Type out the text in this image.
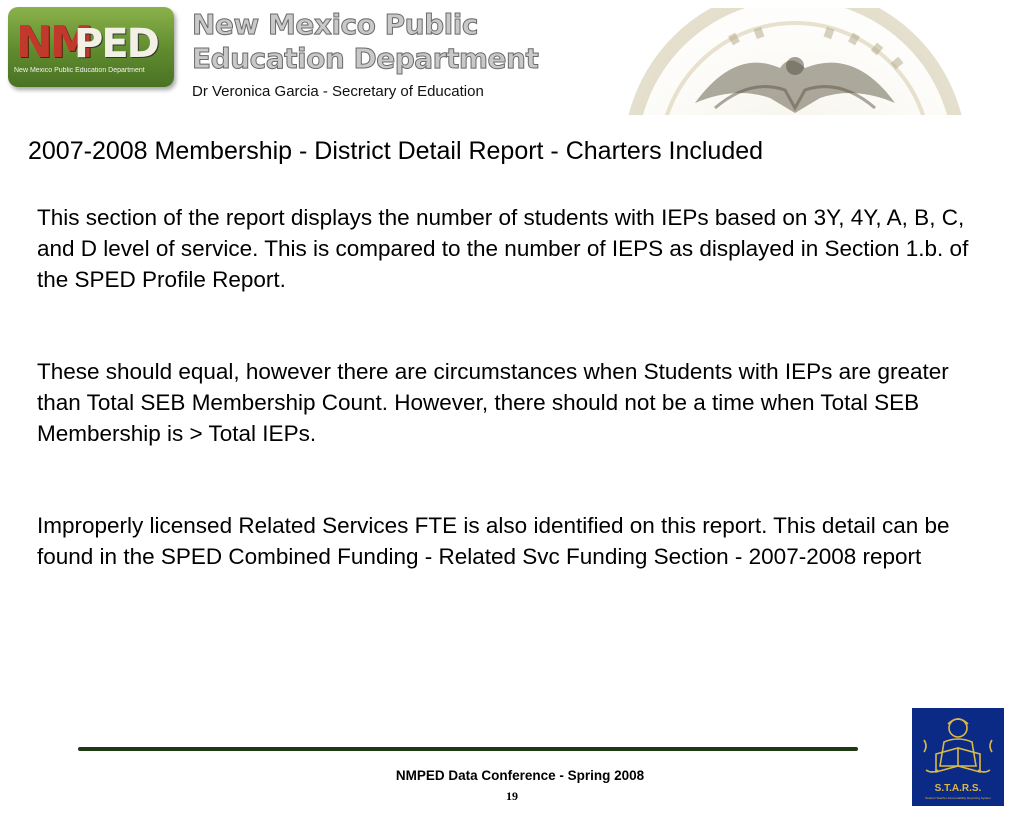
NM
PED
New Mexico Public Education Department
New Mexico Public
Education Department
Dr Veronica Garcia - Secretary of Education
2007-2008 Membership - District Detail Report - Charters Included

This section of the report displays the number of students with IEPs based on 3Y, 4Y, A, B, C, and D level of service. This is compared to the number of IEPS as displayed in Section 1.b. of the SPED Profile Report.

These should equal, however there are circumstances when Students with IEPs are greater than Total SEB Membership Count. However, there should not be a time when Total SEB Membership is > Total IEPs.

Improperly licensed Related Services FTE is also identified on this report. This detail can be found in the SPED Combined Funding - Related Svc Funding Section - 2007-2008 report

NMPED Data Conference - Spring 2008
19
S.T.A.R.S.
Student Teacher Accountability Reporting System
